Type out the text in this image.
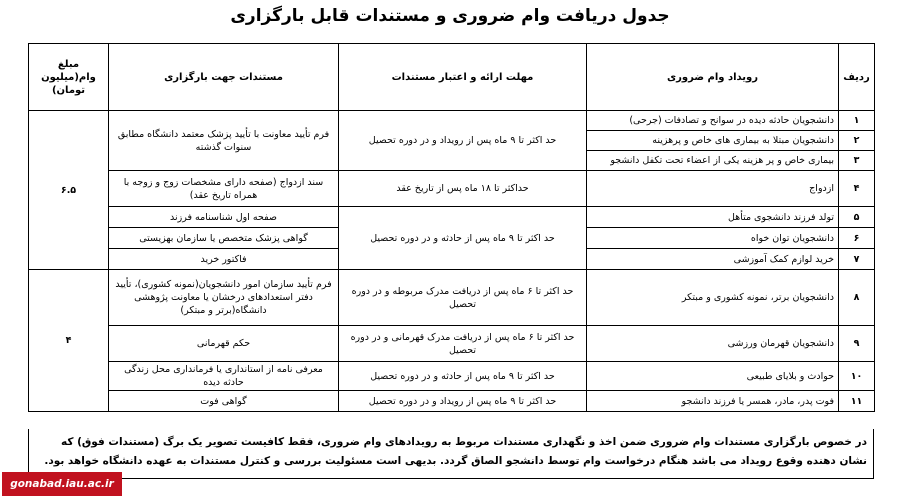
جدول دریافت وام ضروری و مستندات قابل بارگزاری
ردیف	رویداد وام ضروری	مهلت ارائه و اعتبار مستندات	مستندات جهت بارگزاری	مبلغ وام(میلیون تومان)
۱	دانشجویان حادثه دیده در سوانح و تصادفات (جرحی)	حد اکثر تا ۹ ماه پس از رویداد و در دوره تحصیل	فرم تأیید معاونت با تأیید پزشک معتمد دانشگاه مطابق سنوات گذشته	۶.۵
۲	دانشجویان مبتلا به بیماری های خاص و پرهزینه			
۳	بیماری خاص و پر هزینه یکی از اعضاء تحت تکفل دانشجو			
۴	ازدواج	حداکثر تا ۱۸ ماه پس از تاریخ عقد	سند ازدواج (صفحه دارای مشخصات زوج و زوجه با همراه تاریخ عقد)	
۵	تولد فرزند دانشجوی متأهل	حد اکثر تا ۹ ماه پس از حادثه و در دوره تحصیل	صفحه اول شناسنامه فرزند	
۶	دانشجویان توان خواه		گواهی پزشک متخصص یا سازمان بهزیستی	
۷	خرید لوازم کمک آموزشی		فاکتور خرید	
۸	دانشجویان برتر، نمونه کشوری و مبتکر	حد اکثر تا ۶ ماه پس از دریافت مدرک مربوطه و در دوره تحصیل	فرم تأیید سازمان امور دانشجویان(نمونه کشوری)، تأیید دفتر استعدادهای درخشان یا معاونت پژوهشی دانشگاه(برتر و مبتکر)	۴
۹	دانشجویان قهرمان ورزشی	حد اکثر تا ۶ ماه پس از دریافت مدرک قهرمانی و در دوره تحصیل	حکم قهرمانی	
۱۰	حوادث و بلایای طبیعی	حد اکثر تا ۹ ماه پس از حادثه و در دوره تحصیل	معرفی نامه از استانداری یا فرمانداری محل زندگی حادثه دیده	
۱۱	فوت پدر، مادر، همسر یا فرزند دانشجو	حد اکثر تا ۹ ماه پس از رویداد و در دوره تحصیل	گواهی فوت	
در خصوص بارگزاری مستندات وام ضروری ضمن اخذ و نگهداری مستندات مربوط به رویدادهای وام ضروری، فقط کافیست تصویر یک برگ (مستندات فوق) که نشان دهنده وقوع رویداد می باشد هنگام درخواست وام توسط دانشجو الصاق گردد. بدیهی است مسئولیت بررسی و کنترل مستندات به عهده دانشگاه خواهد بود.
gonabad.iau.ac.ir
